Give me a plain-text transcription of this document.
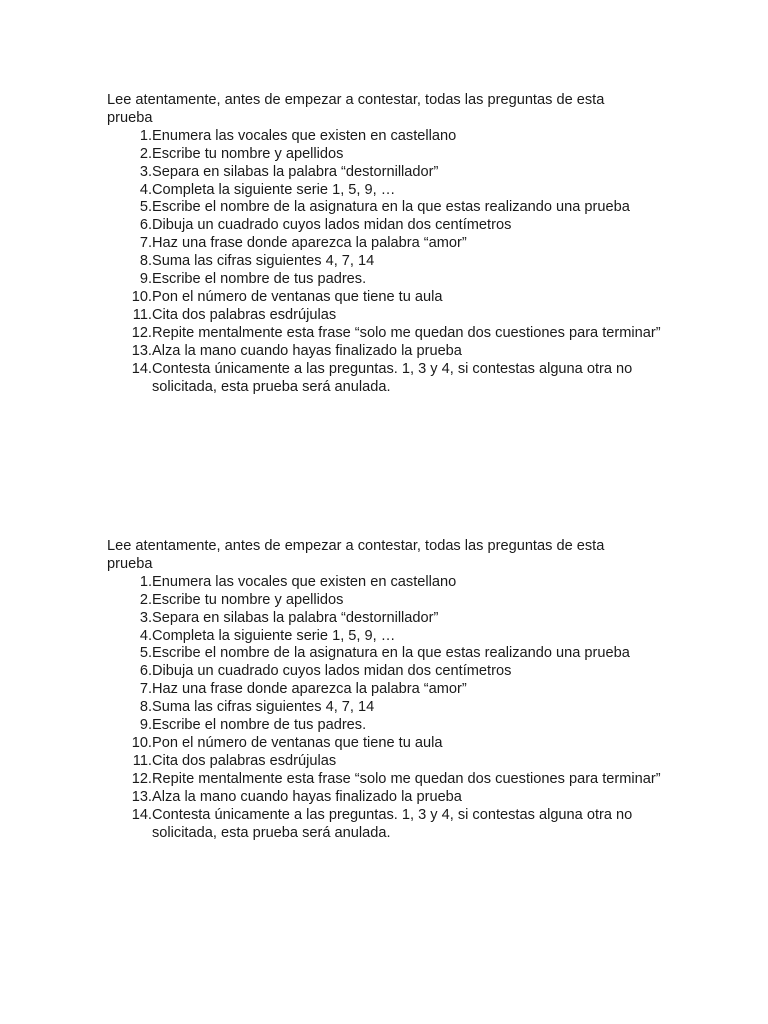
Lee atentamente, antes de empezar a contestar, todas las preguntas de esta prueba

1. Enumera las vocales que existen en castellano
2. Escribe tu nombre y apellidos
3. Separa en silabas la palabra “destornillador”
4. Completa la siguiente serie 1, 5, 9, …
5. Escribe el nombre de la asignatura en la que estas realizando una prueba
6. Dibuja un cuadrado cuyos lados midan dos centímetros
7. Haz una frase donde aparezca la palabra “amor”
8. Suma las cifras siguientes 4, 7, 14
9. Escribe el nombre de tus padres.
10. Pon el número de ventanas que tiene tu aula
11. Cita dos palabras esdrújulas
12. Repite mentalmente esta frase “solo me quedan dos cuestiones para terminar”
13. Alza la mano cuando hayas finalizado la prueba
14. Contesta únicamente a las preguntas. 1, 3 y 4, si contestas alguna otra no solicitada, esta prueba será anulada.

Lee atentamente, antes de empezar a contestar, todas las preguntas de esta prueba

1. Enumera las vocales que existen en castellano
2. Escribe tu nombre y apellidos
3. Separa en silabas la palabra “destornillador”
4. Completa la siguiente serie 1, 5, 9, …
5. Escribe el nombre de la asignatura en la que estas realizando una prueba
6. Dibuja un cuadrado cuyos lados midan dos centímetros
7. Haz una frase donde aparezca la palabra “amor”
8. Suma las cifras siguientes 4, 7, 14
9. Escribe el nombre de tus padres.
10. Pon el número de ventanas que tiene tu aula
11. Cita dos palabras esdrújulas
12. Repite mentalmente esta frase “solo me quedan dos cuestiones para terminar”
13. Alza la mano cuando hayas finalizado la prueba
14. Contesta únicamente a las preguntas. 1, 3 y 4, si contestas alguna otra no solicitada, esta prueba será anulada.
